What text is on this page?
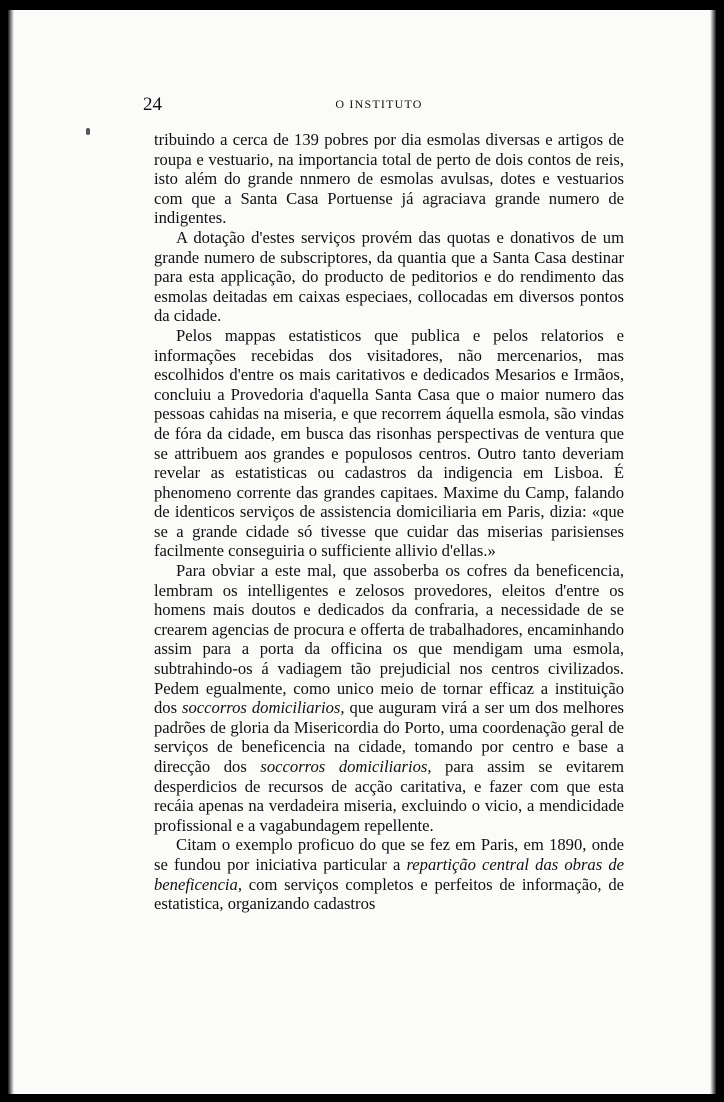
24	O INSTITUTO

tribuindo a cerca de 139 pobres por dia esmolas diversas e artigos de roupa e vestuario, na importancia total de perto de dois contos de reis, isto além do grande nnmero de esmolas avulsas, dotes e vestuarios com que a Santa Casa Portuense já agraciava grande numero de indigentes.

A dotação d'estes serviços provém das quotas e donativos de um grande numero de subscriptores, da quantia que a Santa Casa destinar para esta applicação, do producto de peditorios e do rendimento das esmolas deitadas em caixas especiaes, collocadas em diversos pontos da cidade.

Pelos mappas estatisticos que publica e pelos relatorios e informações recebidas dos visitadores, não mercenarios, mas escolhidos d'entre os mais caritativos e dedicados Mesarios e Irmãos, concluiu a Provedoria d'aquella Santa Casa que o maior numero das pessoas cahidas na miseria, e que recorrem áquella esmola, são vindas de fóra da cidade, em busca das risonhas perspectivas de ventura que se attribuem aos grandes e populosos centros. Outro tanto deveriam revelar as estatisticas ou cadastros da indigencia em Lisboa. É phenomeno corrente das grandes capitaes. Maxime du Camp, falando de identicos serviços de assistencia domiciliaria em Paris, dizia: «que se a grande cidade só tivesse que cuidar das miserias parisienses facilmente conseguiria o sufficiente allivio d'ellas.»

Para obviar a este mal, que assoberba os cofres da beneficencia, lembram os intelligentes e zelosos provedores, eleitos d'entre os homens mais doutos e dedicados da confraria, a necessidade de se crearem agencias de procura e offerta de trabalhadores, encaminhando assim para a porta da officina os que mendigam uma esmola, subtrahindo-os á vadiagem tão prejudicial nos centros civilizados. Pedem egualmente, como unico meio de tornar efficaz a instituição dos soccorros domiciliarios, que auguram virá a ser um dos melhores padrões de gloria da Misericordia do Porto, uma coordenação geral de serviços de beneficencia na cidade, tomando por centro e base a direcção dos soccorros domiciliarios, para assim se evitarem desperdicios de recursos de acção caritativa, e fazer com que esta recáia apenas na verdadeira miseria, excluindo o vicio, a mendicidade profissional e a vagabundagem repellente.

Citam o exemplo proficuo do que se fez em Paris, em 1890, onde se fundou por iniciativa particular a repartição central das obras de beneficencia, com serviços completos e perfeitos de informação, de estatistica, organizando cadastros
